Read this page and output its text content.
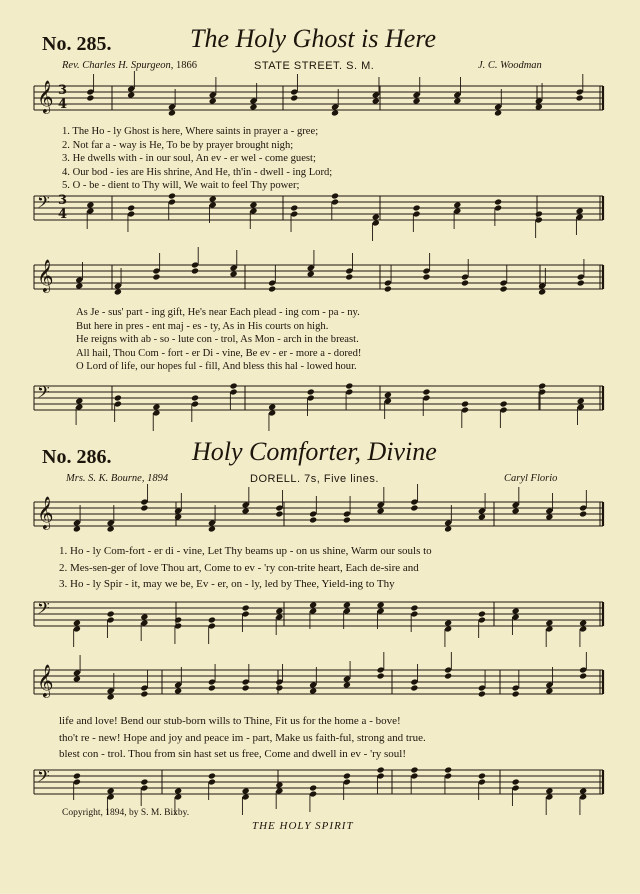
No. 285.	The Holy Ghost is Here
Rev. Charles H. Spurgeon, 1866	STATE STREET. S. M.	J. C. Woodman
1. The Ho - ly Ghost is here, Where saints in prayer a - gree;
2. Not far a - way is He, To be by prayer brought nigh;
3. He dwells with - in our soul, An ev - er wel - come guest;
4. Our bod - ies are His shrine, And He, th'in - dwell - ing Lord;
5. O - be - dient to Thy will, We wait to feel Thy power;
As Je - sus' part - ing gift, He's near Each plead - ing com - pa - ny.
But here in pres - ent maj - es - ty, As in His courts on high.
He reigns with ab - so - lute con - trol, As Mon - arch in the breast.
All hail, Thou Com - fort - er Di - vine, Be ev - er - more a - dored!
O Lord of life, our hopes ful - fill, And bless this hal - lowed hour.
No. 286.	Holy Comforter, Divine
Mrs. S. K. Bourne, 1894	DORELL. 7s, Five lines.	Caryl Florio
1. Ho - ly Com-fort - er di - vine, Let Thy beams up - on us shine, Warm our souls to
2. Mes-sen-ger of love Thou art, Come to ev - 'ry con-trite heart, Each de-sire and
3. Ho - ly Spir - it, may we be, Ev - er, on - ly, led by Thee, Yield-ing to Thy
life and love! Bend our stub-born wills to Thine, Fit us for the home a - bove!
tho't re - new! Hope and joy and peace im - part, Make us faith-ful, strong and true.
blest con - trol. Thou from sin hast set us free, Come and dwell in ev - 'ry soul!
Copyright, 1894, by S. M. Bixby.
THE HOLY SPIRIT
𝄞 3
4
𝄢 3
4
𝄞
𝄢
𝄞
𝄢
𝄞
𝄢
